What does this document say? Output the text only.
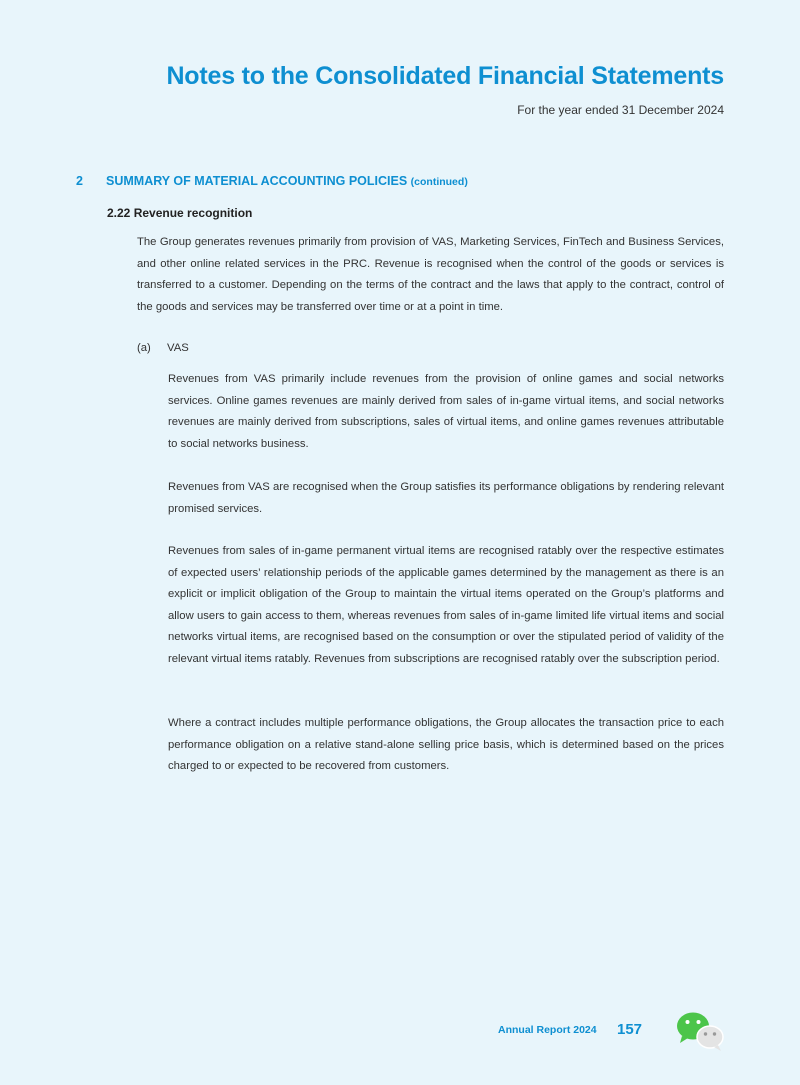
Notes to the Consolidated Financial Statements
For the year ended 31 December 2024
2 SUMMARY OF MATERIAL ACCOUNTING POLICIES (continued)
2.22 Revenue recognition
The Group generates revenues primarily from provision of VAS, Marketing Services, FinTech and Business Services, and other online related services in the PRC. Revenue is recognised when the control of the goods or services is transferred to a customer. Depending on the terms of the contract and the laws that apply to the contract, control of the goods and services may be transferred over time or at a point in time.
(a) VAS
Revenues from VAS primarily include revenues from the provision of online games and social networks services. Online games revenues are mainly derived from sales of in-game virtual items, and social networks revenues are mainly derived from subscriptions, sales of virtual items, and online games revenues attributable to social networks business.
Revenues from VAS are recognised when the Group satisfies its performance obligations by rendering relevant promised services.
Revenues from sales of in-game permanent virtual items are recognised ratably over the respective estimates of expected users’ relationship periods of the applicable games determined by the management as there is an explicit or implicit obligation of the Group to maintain the virtual items operated on the Group’s platforms and allow users to gain access to them, whereas revenues from sales of in-game limited life virtual items and social networks virtual items, are recognised based on the consumption or over the stipulated period of validity of the relevant virtual items ratably. Revenues from subscriptions are recognised ratably over the subscription period.
Where a contract includes multiple performance obligations, the Group allocates the transaction price to each performance obligation on a relative stand-alone selling price basis, which is determined based on the prices charged to or expected to be recovered from customers.
Annual Report 2024 157
